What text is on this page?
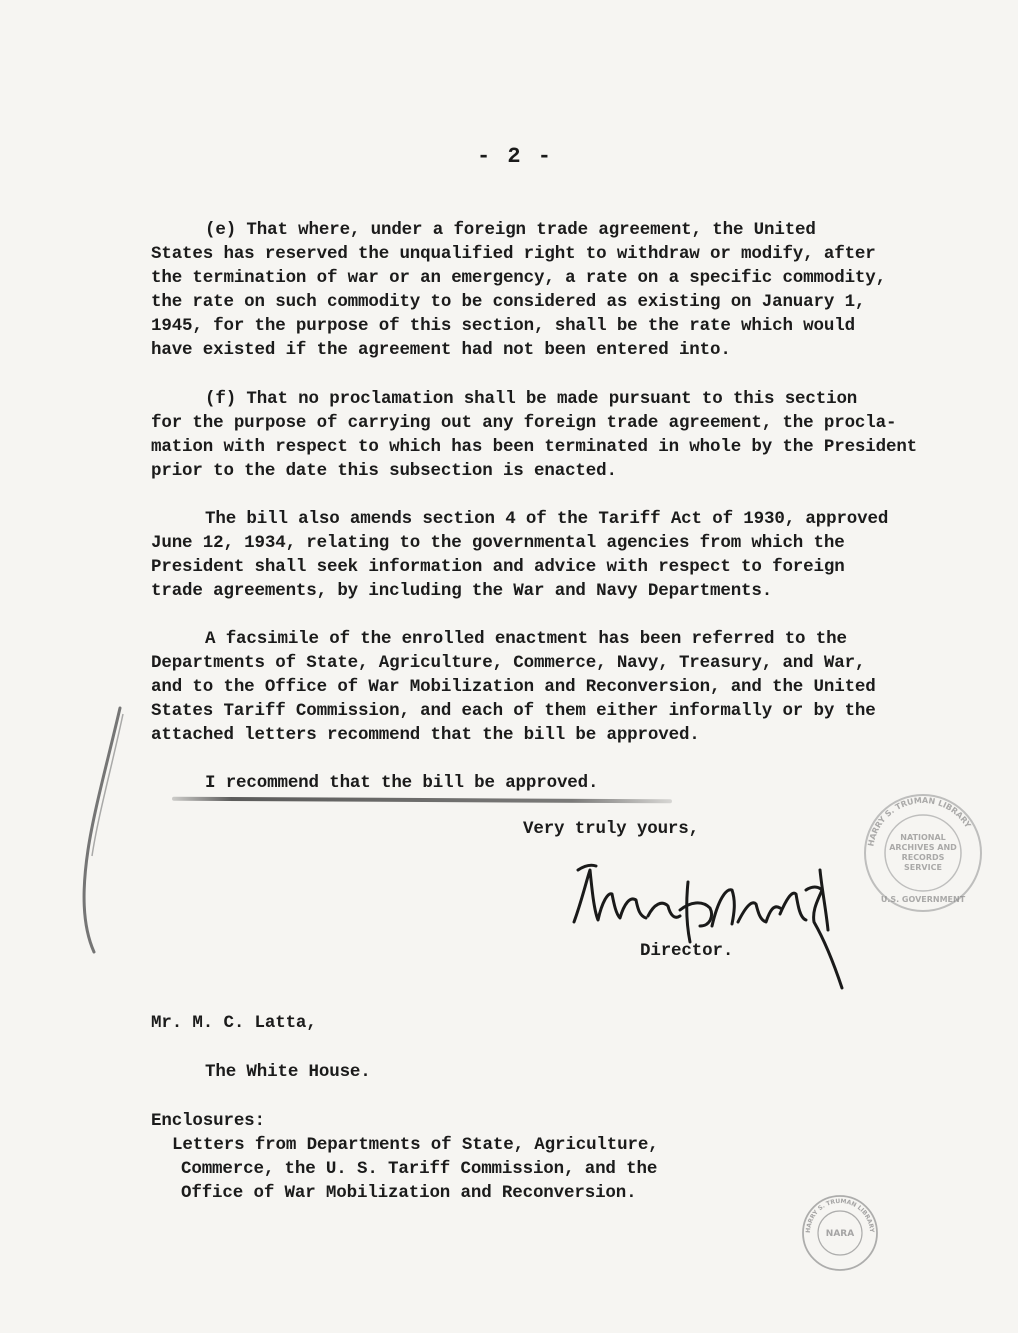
- 2 -
(e) That where, under a foreign trade agreement, the United
States has reserved the unqualified right to withdraw or modify, after
the termination of war or an emergency, a rate on a specific commodity,
the rate on such commodity to be considered as existing on January 1,
1945, for the purpose of this section, shall be the rate which would
have existed if the agreement had not been entered into.
(f) That no proclamation shall be made pursuant to this section
for the purpose of carrying out any foreign trade agreement, the procla-
mation with respect to which has been terminated in whole by the President
prior to the date this subsection is enacted.
The bill also amends section 4 of the Tariff Act of 1930, approved
June 12, 1934, relating to the governmental agencies from which the
President shall seek information and advice with respect to foreign
trade agreements, by including the War and Navy Departments.
A facsimile of the enrolled enactment has been referred to the
Departments of State, Agriculture, Commerce, Navy, Treasury, and War,
and to the Office of War Mobilization and Reconversion, and the United
States Tariff Commission, and each of them either informally or by the
attached letters recommend that the bill be approved.
I recommend that the bill be approved.
Very truly yours,
Director.
HARRY S. TRUMAN LIBRARY
NATIONAL
ARCHIVES AND
RECORDS
SERVICE
U.S. GOVERNMENT
Mr. M. C. Latta,
The White House.
Enclosures:
Letters from Departments of State, Agriculture,
Commerce, the U. S. Tariff Commission, and the
Office of War Mobilization and Reconversion.
HARRY S. TRUMAN LIBRARY
NARA
